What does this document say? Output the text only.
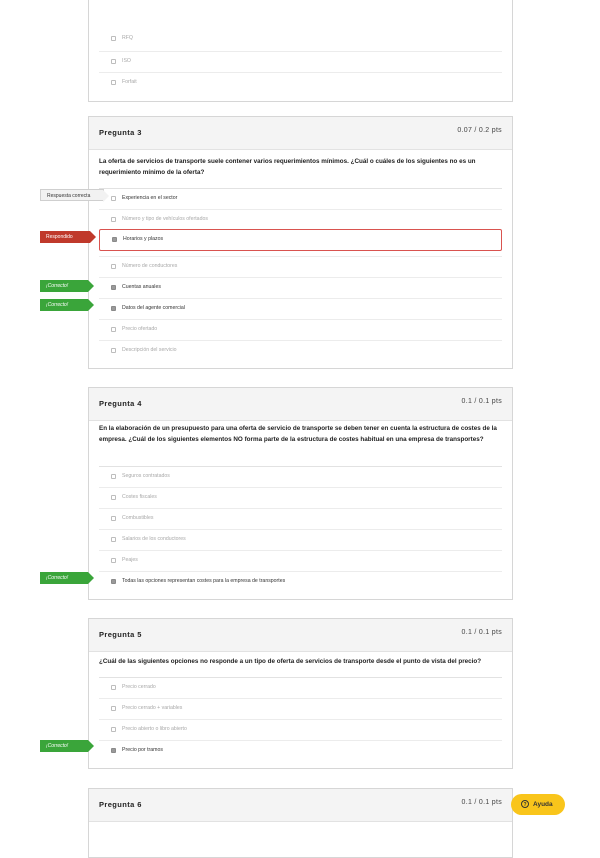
RFQ
ISO
Forfait
Pregunta 3	0.07 / 0.2 pts
La oferta de servicios de transporte suele contener varios requerimientos mínimos. ¿Cuál o cuáles de los siguientes no es un requerimiento mínimo de la oferta?
Experiencia en el sector
Número y tipo de vehículos ofertados
Horarios y plazos
Número de conductores
Cuentas anuales
Datos del agente comercial
Precio ofertado
Descripción del servicio
Respuesta correcta
Respondido
¡Correcto!
¡Correcto!
Pregunta 4	0.1 / 0.1 pts
En la elaboración de un presupuesto para una oferta de servicio de transporte se deben tener en cuenta la estructura de costes de la empresa. ¿Cuál de los siguientes elementos NO forma parte de la estructura de costes habitual en una empresa de transportes?
Seguros contratados
Costes fiscales
Combustibles
Salarios de los conductores
Peajes
Todas las opciones representan costes para la empresa de transportes
¡Correcto!
Pregunta 5	0.1 / 0.1 pts
¿Cuál de las siguientes opciones no responde a un tipo de oferta de servicios de transporte desde el punto de vista del precio?
Precio cerrado
Precio cerrado + variables
Precio abierto o libro abierto
Precio por tramos
¡Correcto!
Pregunta 6	0.1 / 0.1 pts	? Ayuda
